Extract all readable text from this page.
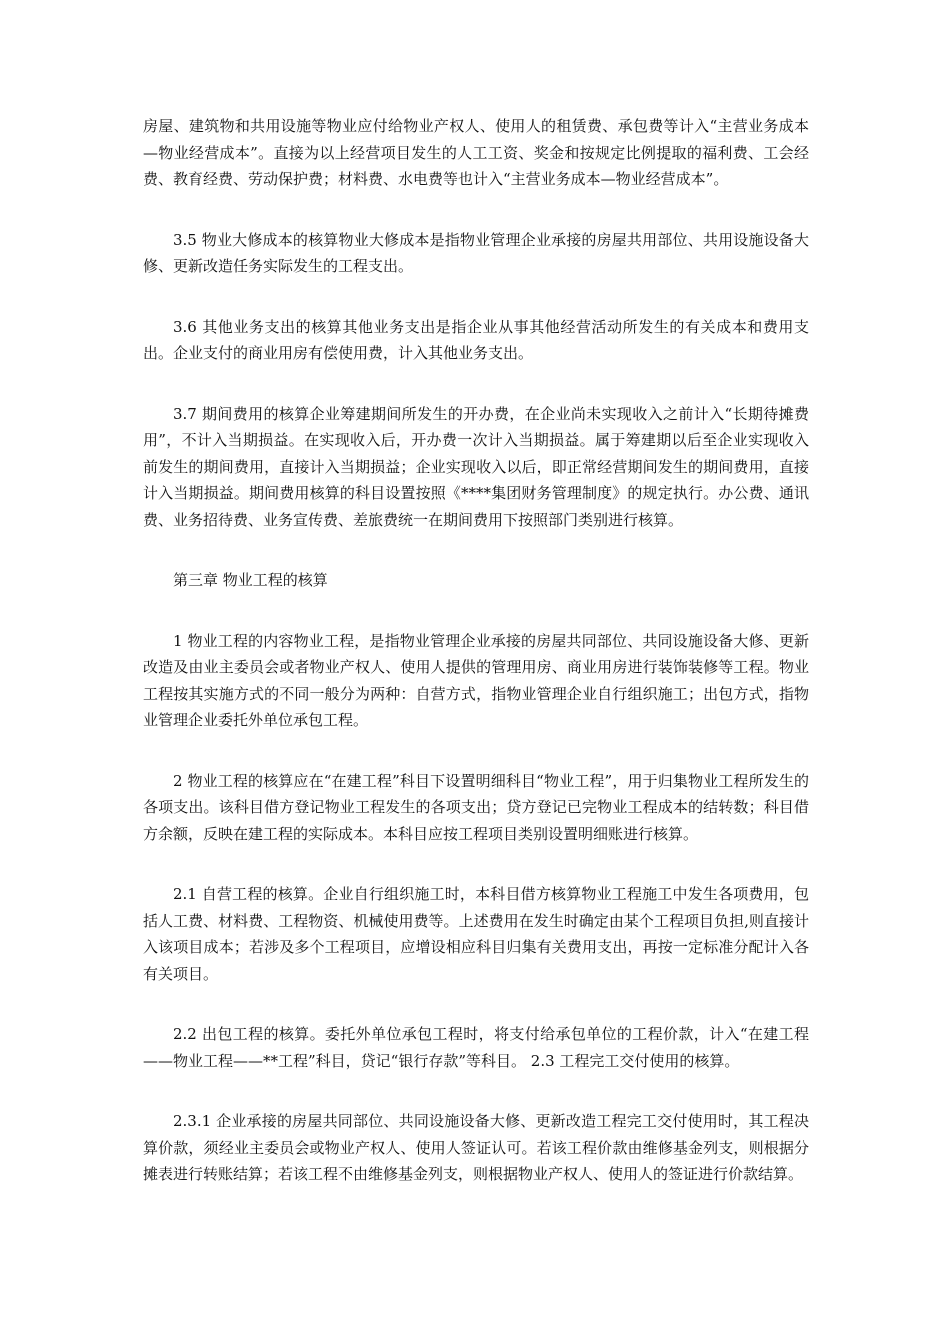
房屋、建筑物和共用设施等物业应付给物业产权人、使用人的租赁费、承包费等计入“主营业务成本—物业经营成本”。直接为以上经营项目发生的人工工资、奖金和按规定比例提取的福利费、工会经费、教育经费、劳动保护费；材料费、水电费等也计入“主营业务成本—物业经营成本”。

3.5 物业大修成本的核算物业大修成本是指物业管理企业承接的房屋共用部位、共用设施设备大修、更新改造任务实际发生的工程支出。

3.6 其他业务支出的核算其他业务支出是指企业从事其他经营活动所发生的有关成本和费用支出。企业支付的商业用房有偿使用费，计入其他业务支出。

3.7 期间费用的核算企业筹建期间所发生的开办费，在企业尚未实现收入之前计入“长期待摊费用”，不计入当期损益。在实现收入后，开办费一次计入当期损益。属于筹建期以后至企业实现收入前发生的期间费用，直接计入当期损益；企业实现收入以后，即正常经营期间发生的期间费用，直接计入当期损益。期间费用核算的科目设置按照《****集团财务管理制度》的规定执行。办公费、通讯费、业务招待费、业务宣传费、差旅费统一在期间费用下按照部门类别进行核算。

第三章 物业工程的核算

1 物业工程的内容物业工程，是指物业管理企业承接的房屋共同部位、共同设施设备大修、更新改造及由业主委员会或者物业产权人、使用人提供的管理用房、商业用房进行装饰装修等工程。物业工程按其实施方式的不同一般分为两种：自营方式，指物业管理企业自行组织施工；出包方式，指物业管理企业委托外单位承包工程。

2 物业工程的核算应在“在建工程”科目下设置明细科目“物业工程”，用于归集物业工程所发生的各项支出。该科目借方登记物业工程发生的各项支出；贷方登记已完物业工程成本的结转数；科目借方余额，反映在建工程的实际成本。本科目应按工程项目类别设置明细账进行核算。

2.1 自营工程的核算。企业自行组织施工时，本科目借方核算物业工程施工中发生各项费用，包括人工费、材料费、工程物资、机械使用费等。上述费用在发生时确定由某个工程项目负担,则直接计入该项目成本；若涉及多个工程项目，应增设相应科目归集有关费用支出，再按一定标准分配计入各有关项目。

2.2 出包工程的核算。委托外单位承包工程时，将支付给承包单位的工程价款，计入“在建工程——物业工程——**工程”科目，贷记“银行存款”等科目。 2.3 工程完工交付使用的核算。

2.3.1 企业承接的房屋共同部位、共同设施设备大修、更新改造工程完工交付使用时，其工程决算价款，须经业主委员会或物业产权人、使用人签证认可。若该工程价款由维修基金列支，则根据分摊表进行转账结算；若该工程不由维修基金列支，则根据物业产权人、使用人的签证进行价款结算。
